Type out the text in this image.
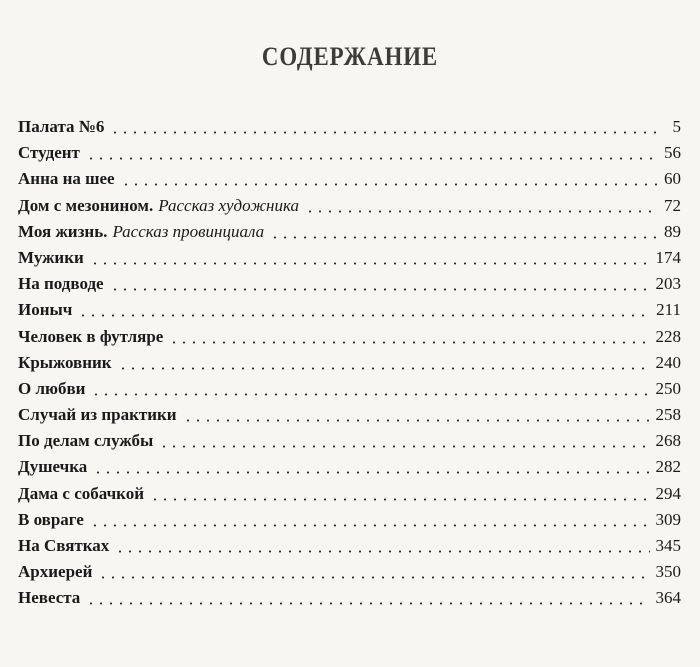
СОДЕРЖАНИЕ
Палата №6	5
Студент	56
Анна на шее	60
Дом с мезонином. Рассказ художника	72
Моя жизнь. Рассказ провинциала	89
Мужики	174
На подводе	203
Ионыч	211
Человек в футляре	228
Крыжовник	240
О любви	250
Случай из практики	258
По делам службы	268
Душечка	282
Дама с собачкой	294
В овраге	309
На Святках	345
Архиерей	350
Невеста	364
